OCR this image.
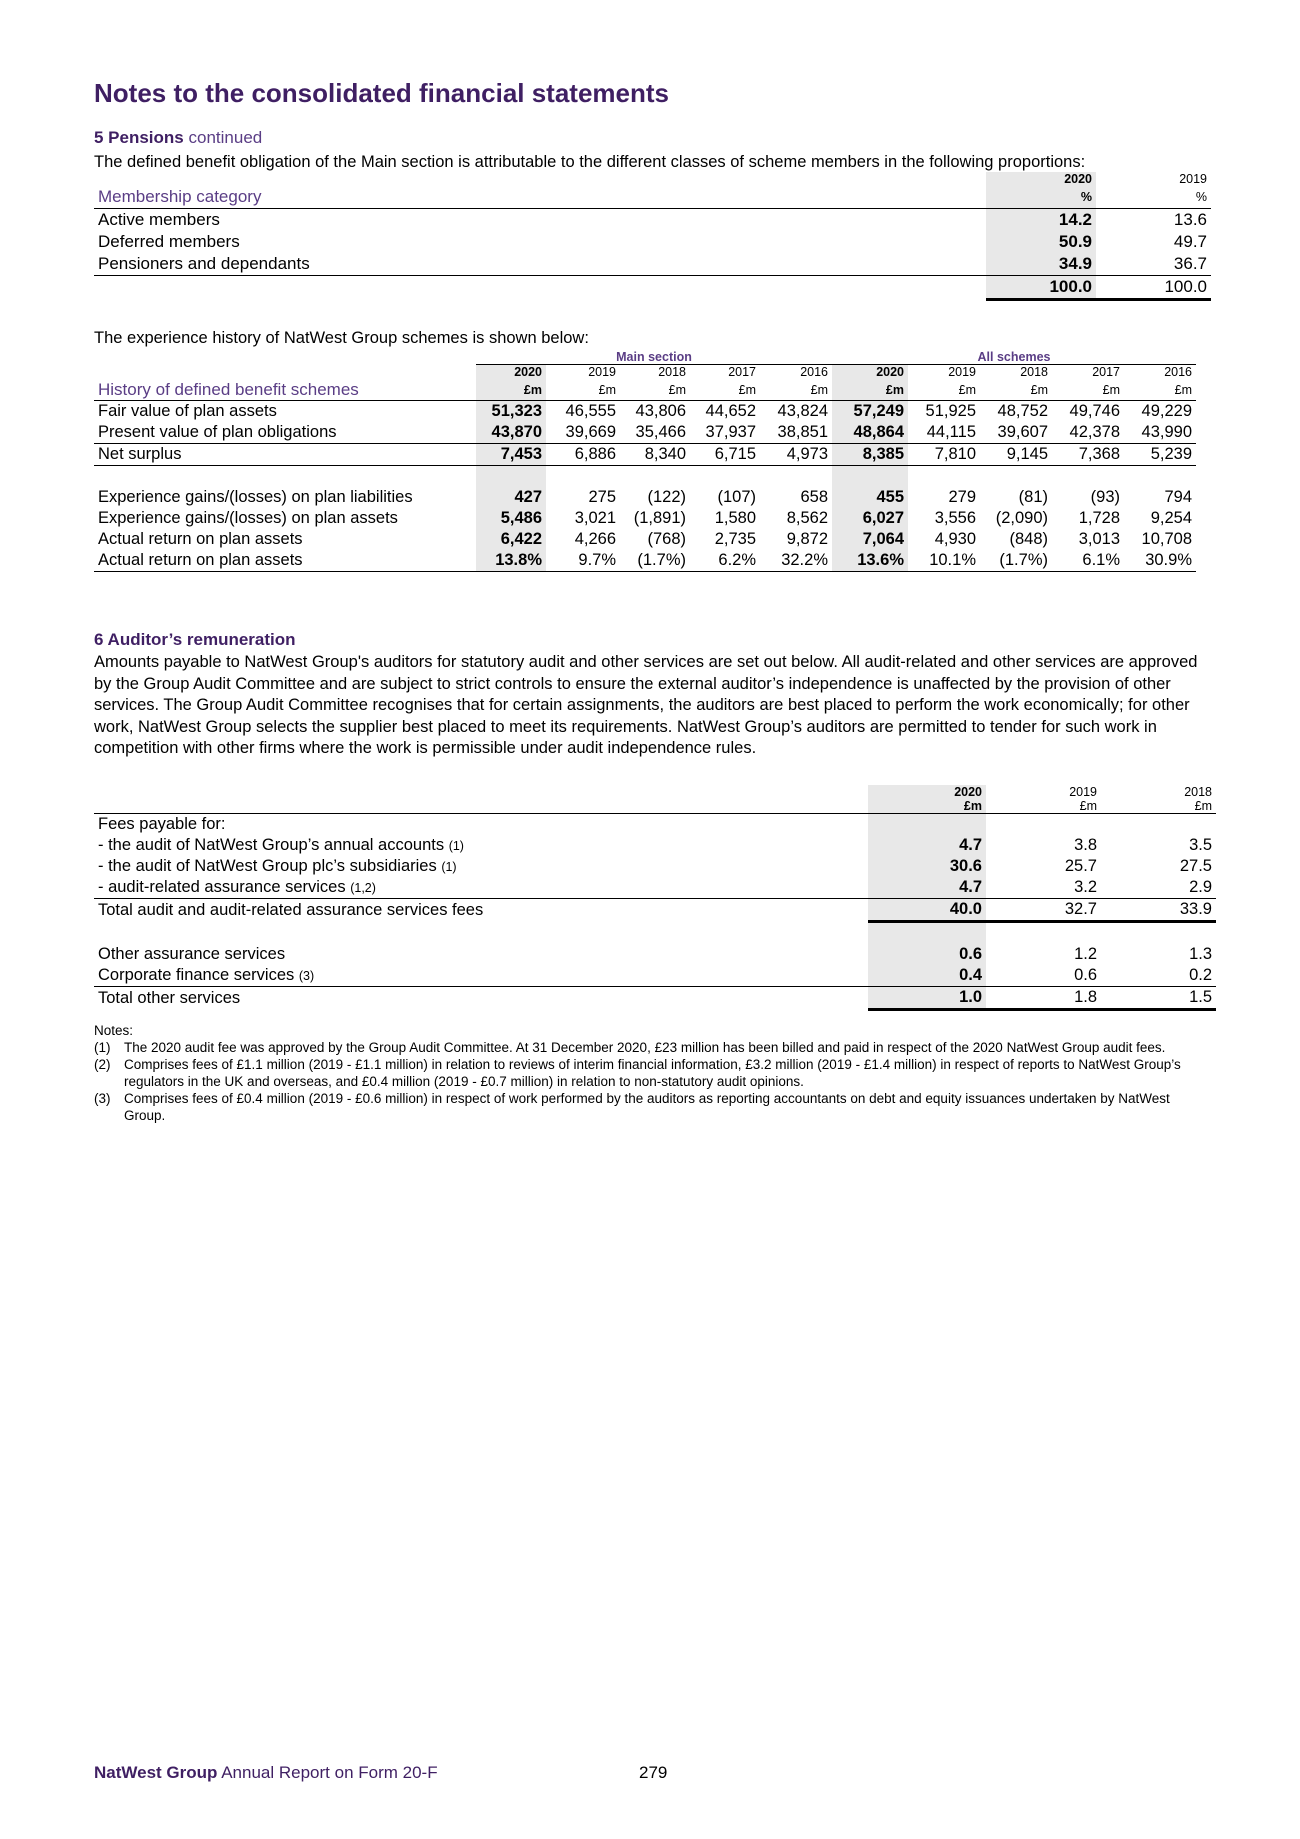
Notes to the consolidated financial statements
5 Pensions continued
The defined benefit obligation of the Main section is attributable to the different classes of scheme members in the following proportions:
	2020	2019
Membership category	%	%
Active members	14.2	13.6
Deferred members	50.9	49.7
Pensioners and dependants	34.9	36.7
	100.0	100.0
The experience history of NatWest Group schemes is shown below:
	Main section					All schemes				
	2020	2019	2018	2017	2016	2020	2019	2018	2017	2016
History of defined benefit schemes	£m	£m	£m	£m	£m	£m	£m	£m	£m	£m
Fair value of plan assets	51,323	46,555	43,806	44,652	43,824	57,249	51,925	48,752	49,746	49,229
Present value of plan obligations	43,870	39,669	35,466	37,937	38,851	48,864	44,115	39,607	42,378	43,990
Net surplus	7,453	6,886	8,340	6,715	4,973	8,385	7,810	9,145	7,368	5,239

Experience gains/(losses) on plan liabilities	427	275	(122)	(107)	658	455	279	(81)	(93)	794
Experience gains/(losses) on plan assets	5,486	3,021	(1,891)	1,580	8,562	6,027	3,556	(2,090)	1,728	9,254
Actual return on plan assets	6,422	4,266	(768)	2,735	9,872	7,064	4,930	(848)	3,013	10,708
Actual return on plan assets	13.8%	9.7%	(1.7%)	6.2%	32.2%	13.6%	10.1%	(1.7%)	6.1%	30.9%
6 Auditor’s remuneration
Amounts payable to NatWest Group's auditors for statutory audit and other services are set out below. All audit-related and other services are approved by the Group Audit Committee and are subject to strict controls to ensure the external auditor’s independence is unaffected by the provision of other services. The Group Audit Committee recognises that for certain assignments, the auditors are best placed to perform the work economically; for other work, NatWest Group selects the supplier best placed to meet its requirements. NatWest Group’s auditors are permitted to tender for such work in competition with other firms where the work is permissible under audit independence rules.
	2020	2019	2018
	£m	£m	£m
Fees payable for:			
- the audit of NatWest Group’s annual accounts (1)	4.7	3.8	3.5
- the audit of NatWest Group plc’s subsidiaries (1)	30.6	25.7	27.5
- audit-related assurance services (1,2)	4.7	3.2	2.9
Total audit and audit-related assurance services fees	40.0	32.7	33.9

Other assurance services	0.6	1.2	1.3
Corporate finance services (3)	0.4	0.6	0.2
Total other services	1.0	1.8	1.5
Notes:
(1)	The 2020 audit fee was approved by the Group Audit Committee. At 31 December 2020, £23 million has been billed and paid in respect of the 2020 NatWest Group audit fees.
(2)	Comprises fees of £1.1 million (2019 - £1.1 million) in relation to reviews of interim financial information, £3.2 million (2019 - £1.4 million) in respect of reports to NatWest Group’s regulators in the UK and overseas, and £0.4 million (2019 - £0.7 million) in relation to non-statutory audit opinions.
(3)	Comprises fees of £0.4 million (2019 - £0.6 million) in respect of work performed by the auditors as reporting accountants on debt and equity issuances undertaken by NatWest Group.
NatWest Group Annual Report on Form 20-F	279
